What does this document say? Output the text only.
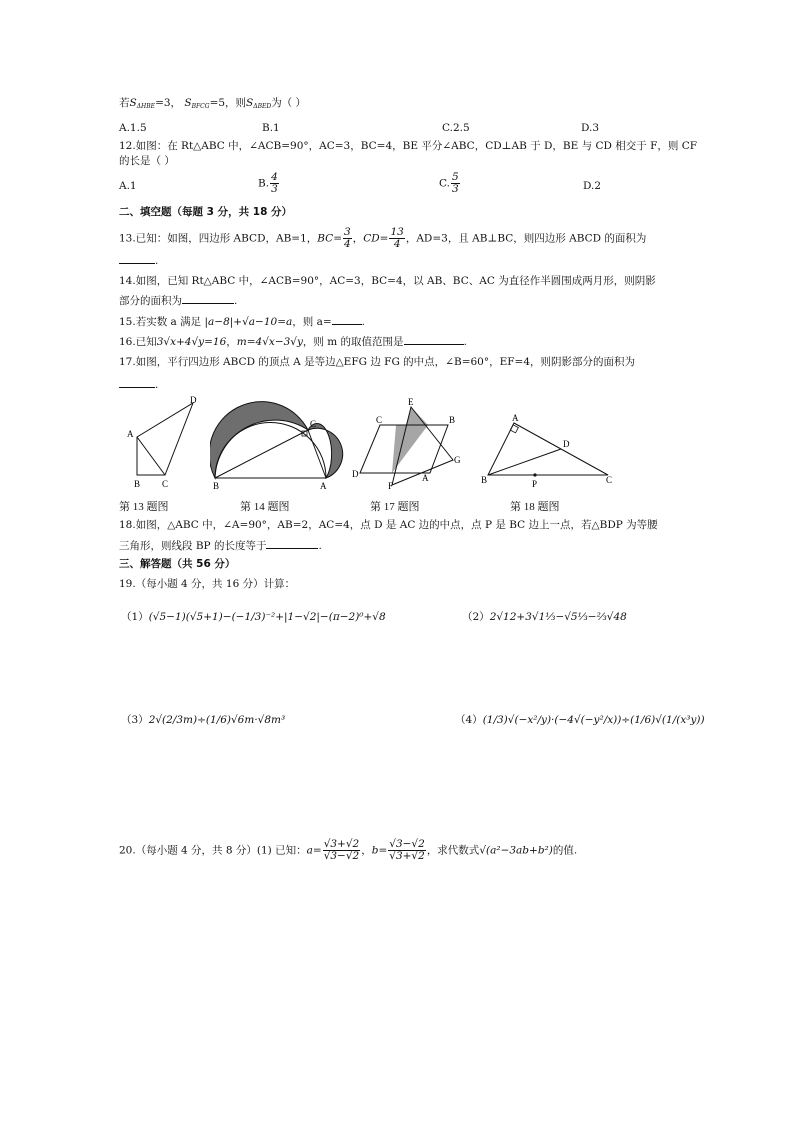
若$S_{\Delta HBE}=3$， $S_{BFCG}=5$，则$S_{\Delta BED}$为（ ）
A.1.5	B.1	C.2.5	D.3
12.如图：在 Rt△ABC 中，∠ACB=90°，AC=3，BC=4，BE 平分∠ABC，CD⊥AB 于 D，BE 与 CD 相交于 F，则 CF
的长是（ ）
A.1	B. $\frac{4}{3}$	C. $\frac{5}{3}$	D.2
二、填空题（每题 3 分，共 18 分）
13.已知：如图，四边形 ABCD，AB=1，$BC= \frac{3}{4}$ ，$CD= \frac{13}{4}$ ，AD=3，且 AB⊥BC，则四边形 ABCD 的面积为
.
14.如图，已知 Rt△ABC 中，∠ACB=90°，AC=3，BC=4，以 AB、BC、AC 为直径作半圆围成两月形，则阴影
部分的面积为	.
15.若实数 a 满足 |a−8|+√a−10=a，则 a=	.
16.已知3√x+4√y=16，m=4√x−3√y，则 m 的取值范围是	.
17.如图，平行四边形 ABCD 的顶点 A 是等边△EFG 边 FG 的中点，∠B=60°，EF=4，则阴影部分的面积为
.
A
B C
D
B	A
C
E
C	B
G
D	A
F
A
D
B	P	C
第 13 题图	第 14 题图	第 17 题图	第 18 题图
18.如图，△ABC 中，∠A=90°，AB=2，AC=4，点 D 是 AC 边的中点，点 P 是 BC 边上一点，若△BDP 为等腰
三角形，则线段 BP 的长度等于	.
三、解答题（共 56 分）
19.（每小题 4 分，共 16 分）计算：
（1）(√5−1)(√5+1)−(−1/3)⁻²+|1−√2|−(π−2)⁰+√8	（2）2√12+3√1⅓−√5⅓−⅔√48
（3）2√(2/3m)÷(1/6)√6m·√8m³	（4）(1/3)√(−x²/y)·(−4√(−y²/x))÷(1/6)√(1/(x³y))
20.（每小题 4 分，共 8 分）(1) 已知：$a= \frac{√3+√2}{√3-√2}$ ，$b= \frac{√3-√2}{√3+√2}$ ，求代数式√(a²−3ab+b²)的值.
